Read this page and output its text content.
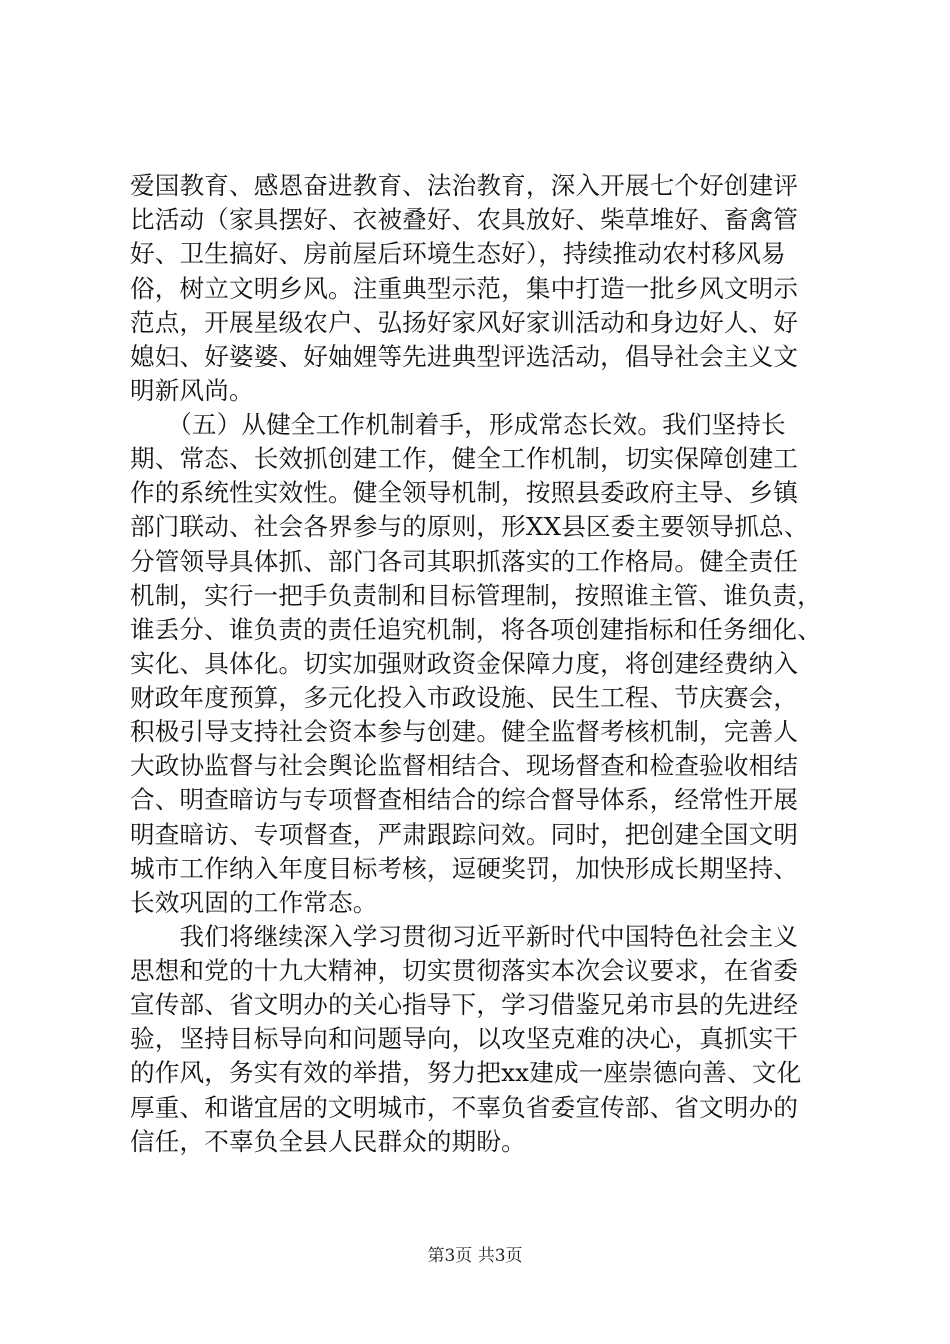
爱国教育、感恩奋进教育、法治教育，深入开展七个好创建评
比活动（家具摆好、衣被叠好、农具放好、柴草堆好、畜禽管
好、卫生搞好、房前屋后环境生态好），持续推动农村移风易
俗，树立文明乡风。注重典型示范，集中打造一批乡风文明示
范点，开展星级农户、弘扬好家风好家训活动和身边好人、好
媳妇、好婆婆、好妯娌等先进典型评选活动，倡导社会主义文
明新风尚。
　　（五）从健全工作机制着手，形成常态长效。我们坚持长
期、常态、长效抓创建工作，健全工作机制，切实保障创建工
作的系统性实效性。健全领导机制，按照县委政府主导、乡镇
部门联动、社会各界参与的原则，形XX县区委主要领导抓总、
分管领导具体抓、部门各司其职抓落实的工作格局。健全责任
机制，实行一把手负责制和目标管理制，按照谁主管、谁负责，
谁丢分、谁负责的责任追究机制，将各项创建指标和任务细化、
实化、具体化。切实加强财政资金保障力度，将创建经费纳入
财政年度预算，多元化投入市政设施、民生工程、节庆赛会，
积极引导支持社会资本参与创建。健全监督考核机制，完善人
大政协监督与社会舆论监督相结合、现场督查和检查验收相结
合、明查暗访与专项督查相结合的综合督导体系，经常性开展
明查暗访、专项督查，严肃跟踪问效。同时，把创建全国文明
城市工作纳入年度目标考核，逗硬奖罚，加快形成长期坚持、
长效巩固的工作常态。
　　我们将继续深入学习贯彻习近平新时代中国特色社会主义
思想和党的十九大精神，切实贯彻落实本次会议要求，在省委
宣传部、省文明办的关心指导下，学习借鉴兄弟市县的先进经
验，坚持目标导向和问题导向，以攻坚克难的决心，真抓实干
的作风，务实有效的举措，努力把xx建成一座崇德向善、文化
厚重、和谐宜居的文明城市，不辜负省委宣传部、省文明办的
信任，不辜负全县人民群众的期盼。
第3页 共3页
